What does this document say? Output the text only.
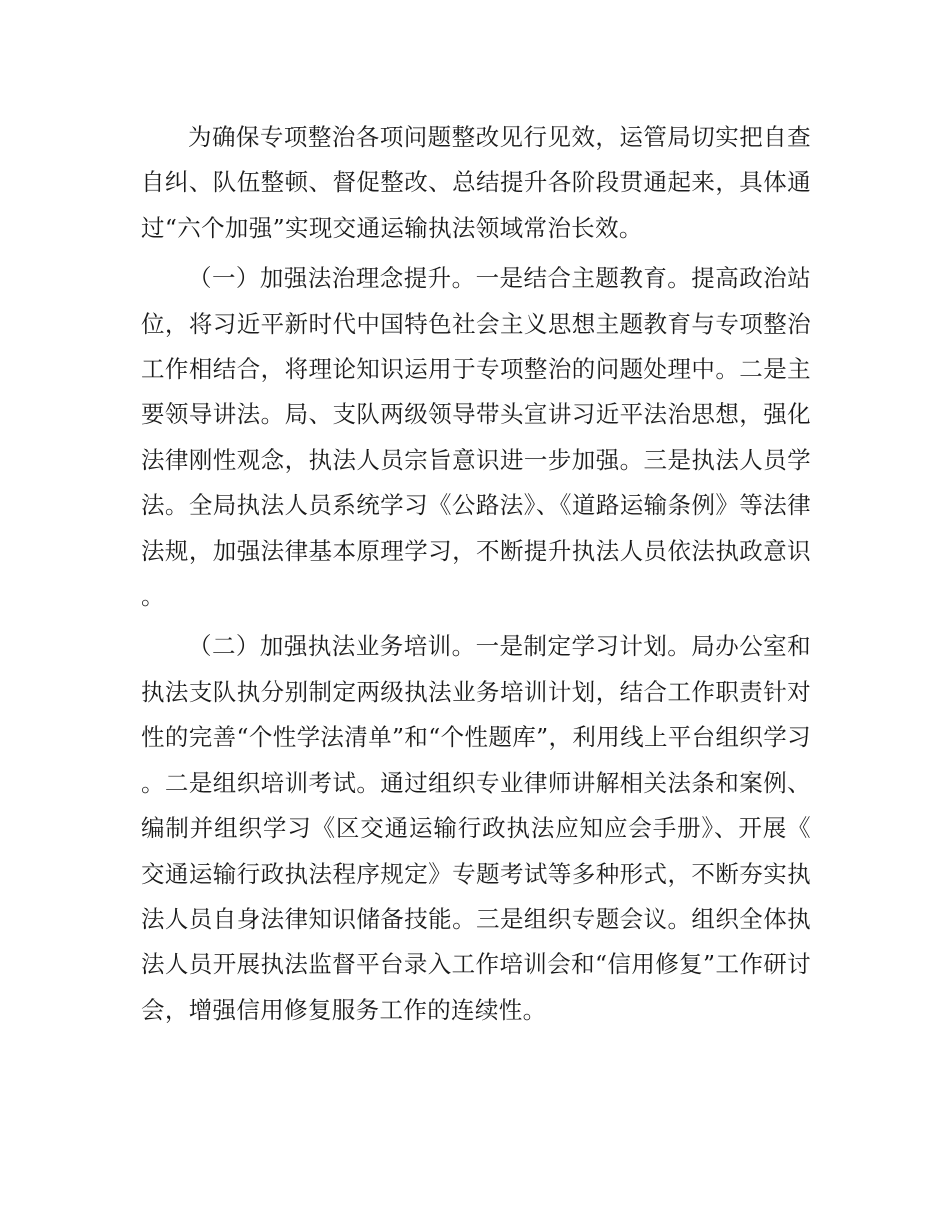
为确保专项整治各项问题整改见行见效，运管局切实把自查自纠、队伍整顿、督促整改、总结提升各阶段贯通起来，具体通过“六个加强”实现交通运输执法领域常治长效。

（一）加强法治理念提升。一是结合主题教育。提高政治站位，将习近平新时代中国特色社会主义思想主题教育与专项整治工作相结合，将理论知识运用于专项整治的问题处理中。二是主要领导讲法。局、支队两级领导带头宣讲习近平法治思想，强化法律刚性观念，执法人员宗旨意识进一步加强。三是执法人员学法。全局执法人员系统学习《公路法》、《道路运输条例》等法律法规，加强法律基本原理学习，不断提升执法人员依法执政意识。

（二）加强执法业务培训。一是制定学习计划。局办公室和执法支队执分别制定两级执法业务培训计划，结合工作职责针对性的完善“个性学法清单”和“个性题库”，利用线上平台组织学习。二是组织培训考试。通过组织专业律师讲解相关法条和案例、编制并组织学习《区交通运输行政执法应知应会手册》、开展《交通运输行政执法程序规定》专题考试等多种形式，不断夯实执法人员自身法律知识储备技能。三是组织专题会议。组织全体执法人员开展执法监督平台录入工作培训会和“信用修复”工作研讨会，增强信用修复服务工作的连续性。
